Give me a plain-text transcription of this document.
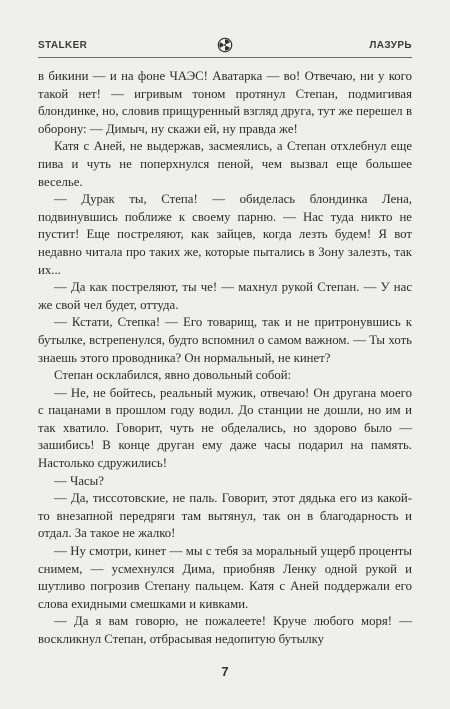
STALKER	ЛАЗУРЬ

в бикини — и на фоне ЧАЭС! Аватарка — во! Отвечаю, ни у кого такой нет! — игривым тоном протянул Степан, подмигивая блондинке, но, словив прищуренный взгляд друга, тут же перешел в оборону: — Димыч, ну скажи ей, ну правда же!

Катя с Аней, не выдержав, засмеялись, а Степан отхлебнул еще пива и чуть не поперхнулся пеной, чем вызвал еще большее веселье.

— Дурак ты, Степа! — обиделась блондинка Лена, подвинувшись поближе к своему парню. — Нас туда никто не пустит! Еще постреляют, как зайцев, когда лезть будем! Я вот недавно читала про таких же, которые пытались в Зону залезть, так их...

— Да как постреляют, ты че! — махнул рукой Степан. — У нас же свой чел будет, оттуда.

— Кстати, Степка! — Его товарищ, так и не притронувшись к бутылке, встрепенулся, будто вспомнил о самом важном. — Ты хоть знаешь этого проводника? Он нормальный, не кинет?

Степан осклабился, явно довольный собой:

— Не, не бойтесь, реальный мужик, отвечаю! Он другана моего с пацанами в прошлом году водил. До станции не дошли, но им и так хватило. Говорит, чуть не обделались, но здорово было — зашибись! В конце друган ему даже часы подарил на память. Настолько сдружились!

— Часы?

— Да, тиссотовские, не паль. Говорит, этот дядька его из какой-то внезапной передряги там вытянул, так он в благодарность и отдал. За такое не жалко!

— Ну смотри, кинет — мы с тебя за моральный ущерб проценты снимем, — усмехнулся Дима, приобняв Ленку одной рукой и шутливо погрозив Степану пальцем. Катя с Аней поддержали его слова ехидными смешками и кивками.

— Да я вам говорю, не пожалеете! Круче любого моря! — воскликнул Степан, отбрасывая недопитую бутылку

7
